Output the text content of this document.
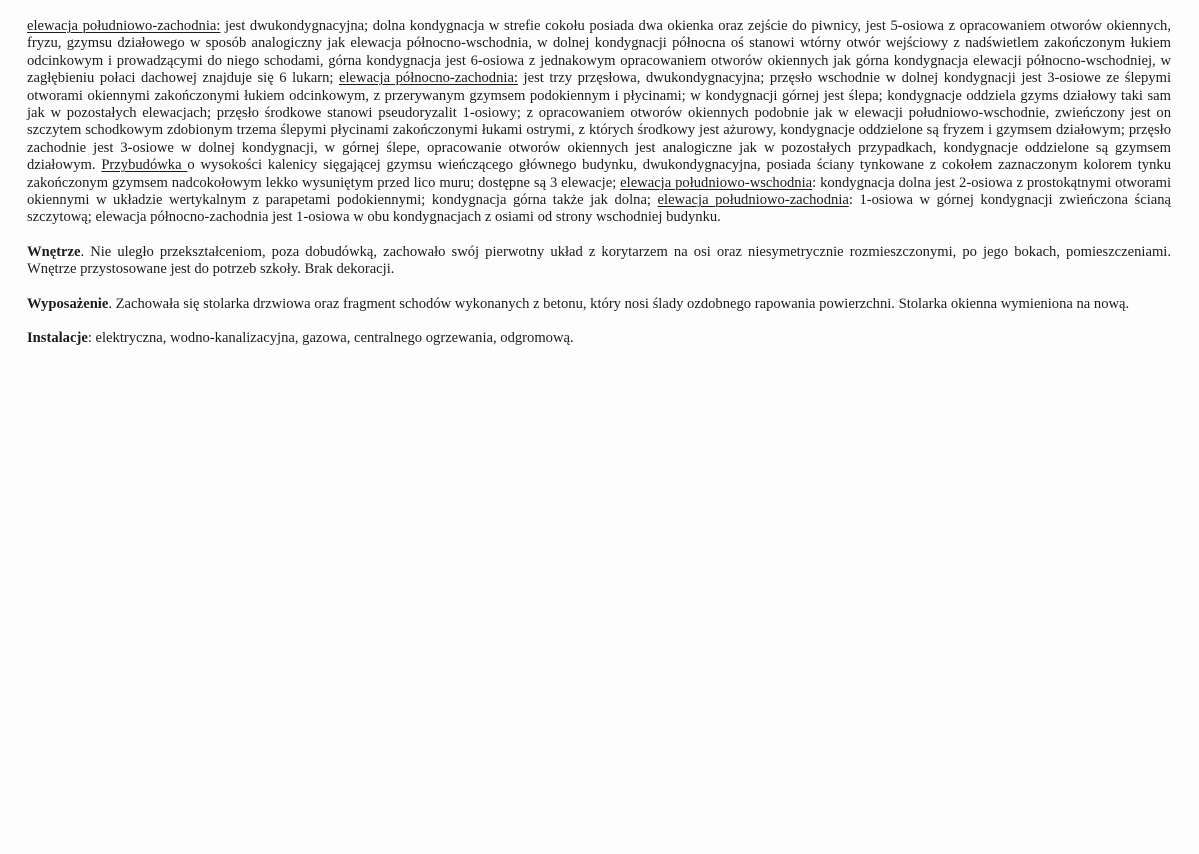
elewacja południowo-zachodnia: jest dwukondygnacyjna; dolna kondygnacja w strefie cokołu posiada dwa okienka oraz zejście do piwnicy, jest 5-osiowa z opracowaniem otworów okiennych, fryzu, gzymsu działowego w sposób analogiczny jak elewacja północno-wschodnia, w dolnej kondygnacji północna oś stanowi wtórny otwór wejściowy z nadświetlem zakończonym łukiem odcinkowym i prowadzącymi do niego schodami, górna kondygnacja jest 6-osiowa z jednakowym opracowaniem otworów okiennych jak górna kondygnacja elewacji północno-wschodniej, w zagłębieniu połaci dachowej znajduje się 6 lukarn; elewacja północno-zachodnia: jest trzy przęsłowa, dwukondygnacyjna; przęsło wschodnie w dolnej kondygnacji jest 3-osiowe ze ślepymi otworami okiennymi zakończonymi łukiem odcinkowym, z przerywanym gzymsem podokiennym i płycinami; w kondygnacji górnej jest ślepa; kondygnacje oddziela gzyms działowy taki sam jak w pozostałych elewacjach; przęsło środkowe stanowi pseudoryzalit 1-osiowy; z opracowaniem otworów okiennych podobnie jak w elewacji południowo-wschodnie, zwieńczony jest on szczytem schodkowym zdobionym trzema ślepymi płycinami zakończonymi łukami ostrymi, z których środkowy jest ażurowy, kondygnacje oddzielone są fryzem i gzymsem działowym; przęsło zachodnie jest 3-osiowe w dolnej kondygnacji, w górnej ślepe, opracowanie otworów okiennych jest analogiczne jak w pozostałych przypadkach, kondygnacje oddzielone są gzymsem działowym. Przybudówka o wysokości kalenicy sięgającej gzymsu wieńczącego głównego budynku, dwukondygnacyjna, posiada ściany tynkowane z cokołem zaznaczonym kolorem tynku zakończonym gzymsem nadcokołowym lekko wysuniętym przed lico muru; dostępne są 3 elewacje; elewacja południowo-wschodnia: kondygnacja dolna jest 2-osiowa z prostokątnymi otworami okiennymi w układzie wertykalnym z parapetami podokiennymi; kondygnacja górna także jak dolna; elewacja południowo-zachodnia: 1-osiowa w górnej kondygnacji zwieńczona ścianą szczytową; elewacja północno-zachodnia jest 1-osiowa w obu kondygnacjach z osiami od strony wschodniej budynku.

Wnętrze. Nie uległo przekształceniom, poza dobudówką, zachowało swój pierwotny układ z korytarzem na osi oraz niesymetrycznie rozmieszczonymi, po jego bokach, pomieszczeniami. Wnętrze przystosowane jest do potrzeb szkoły. Brak dekoracji.

Wyposażenie. Zachowała się stolarka drzwiowa oraz fragment schodów wykonanych z betonu, który nosi ślady ozdobnego rapowania powierzchni. Stolarka okienna wymieniona na nową.

Instalacje: elektryczna, wodno-kanalizacyjna, gazowa, centralnego ogrzewania, odgromową.
